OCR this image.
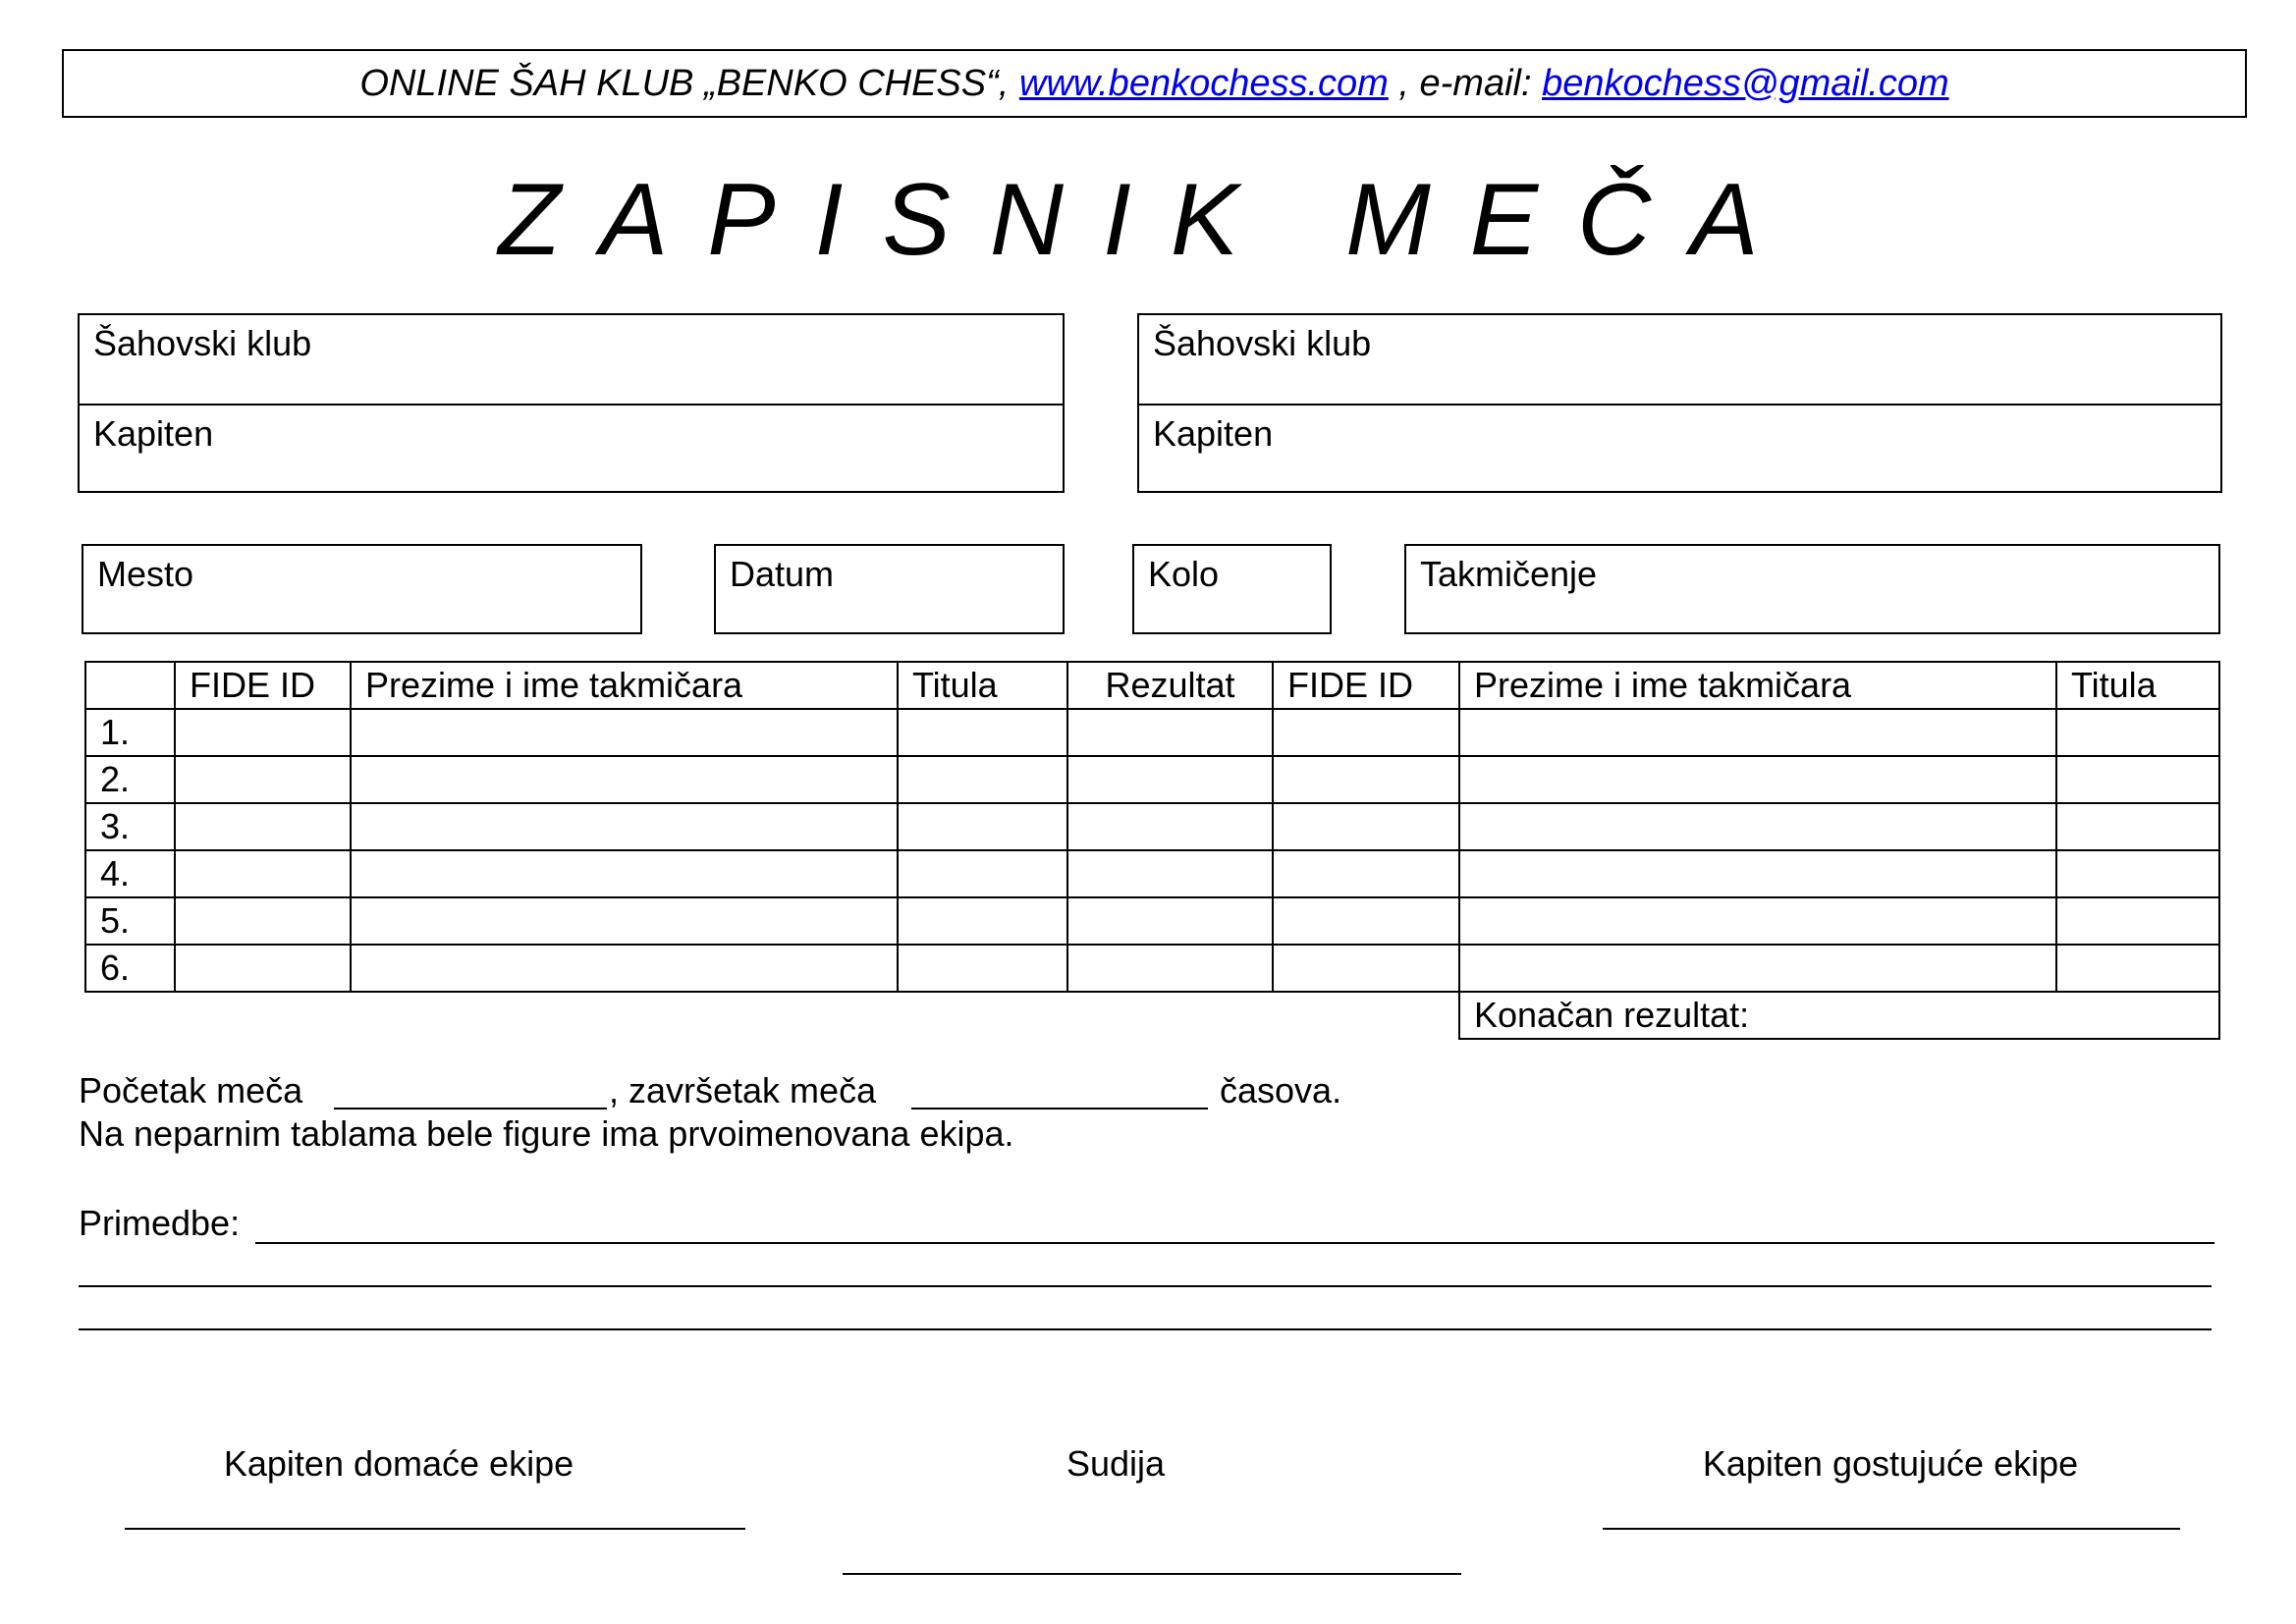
ONLINE ŠAH KLUB „BENKO CHESS“, www.benkochess.com , e-mail: benkochess@gmail.com
ZAPISNIK MEČA
Šahovski klub
Kapiten
Šahovski klub
Kapiten
Mesto	Datum	Kolo	Takmičenje
	FIDE ID	Prezime i ime takmičara	Titula	Rezultat	FIDE ID	Prezime i ime takmičara	Titula
1.							
2.							
3.							
4.							
5.							
6.							
						Konačan rezultat:	
Početak meča	, završetak meča	časova.
Na neparnim tablama bele figure ima prvoimenovana ekipa.
Primedbe:
Kapiten domaće ekipe	Sudija	Kapiten gostujuće ekipe
